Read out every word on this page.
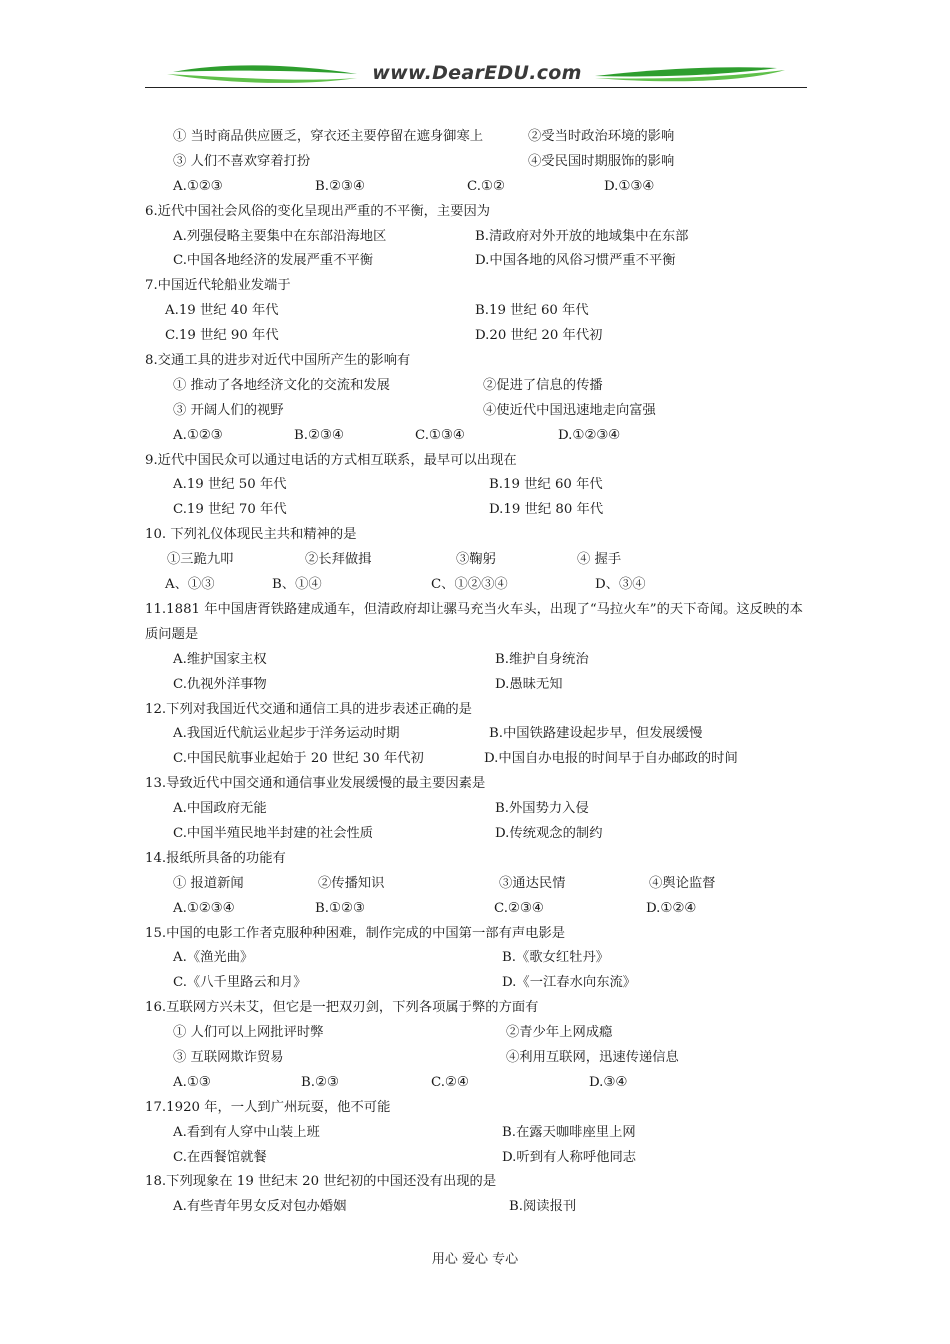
www.DearEDU.com
① 当时商品供应匮乏，穿衣还主要停留在遮身御寒上	②受当时政治环境的影响
③ 人们不喜欢穿着打扮	④受民国时期服饰的影响
A.①②③	B.②③④	C.①②	D.①③④
6.近代中国社会风俗的变化呈现出严重的不平衡，主要因为
A.列强侵略主要集中在东部沿海地区	B.清政府对外开放的地域集中在东部
C.中国各地经济的发展严重不平衡	D.中国各地的风俗习惯严重不平衡
7.中国近代轮船业发端于
A.19 世纪 40 年代	B.19 世纪 60 年代
C.19 世纪 90 年代	D.20 世纪 20 年代初
8.交通工具的进步对近代中国所产生的影响有
① 推动了各地经济文化的交流和发展	②促进了信息的传播
③ 开阔人们的视野	④使近代中国迅速地走向富强
A.①②③	B.②③④	C.①③④	D.①②③④
9.近代中国民众可以通过电话的方式相互联系，最早可以出现在
A.19 世纪 50 年代	B.19 世纪 60 年代
C.19 世纪 70 年代	D.19 世纪 80 年代
10. 下列礼仪体现民主共和精神的是
①三跪九叩	②长拜做揖	③鞠躬	④ 握手
A、①③	B、①④	C、①②③④	D、③④
11.1881 年中国唐胥铁路建成通车，但清政府却让骡马充当火车头，出现了“马拉火车”的天下奇闻。这反映的本质问题是
A.维护国家主权	B.维护自身统治
C.仇视外洋事物	D.愚昧无知
12.下列对我国近代交通和通信工具的进步表述正确的是
A.我国近代航运业起步于洋务运动时期	B.中国铁路建设起步早，但发展缓慢
C.中国民航事业起始于 20 世纪 30 年代初	D.中国自办电报的时间早于自办邮政的时间
13.导致近代中国交通和通信事业发展缓慢的最主要因素是
A.中国政府无能	B.外国势力入侵
C.中国半殖民地半封建的社会性质	D.传统观念的制约
14.报纸所具备的功能有
① 报道新闻	②传播知识	③通达民情	④舆论监督
A.①②③④	B.①②③	C.②③④	D.①②④
15.中国的电影工作者克服种种困难，制作完成的中国第一部有声电影是
A.《渔光曲》	B.《歌女红牡丹》
C.《八千里路云和月》	D.《一江春水向东流》
16.互联网方兴未艾，但它是一把双刃剑，下列各项属于弊的方面有
① 人们可以上网批评时弊	②青少年上网成瘾
③ 互联网欺诈贸易	④利用互联网，迅速传递信息
A.①③	B.②③	C.②④	D.③④
17.1920 年，一人到广州玩耍，他不可能
A.看到有人穿中山装上班	B.在露天咖啡座里上网
C.在西餐馆就餐	D.听到有人称呼他同志
18.下列现象在 19 世纪末 20 世纪初的中国还没有出现的是
A.有些青年男女反对包办婚姻	B.阅读报刊
用心 爱心 专心
